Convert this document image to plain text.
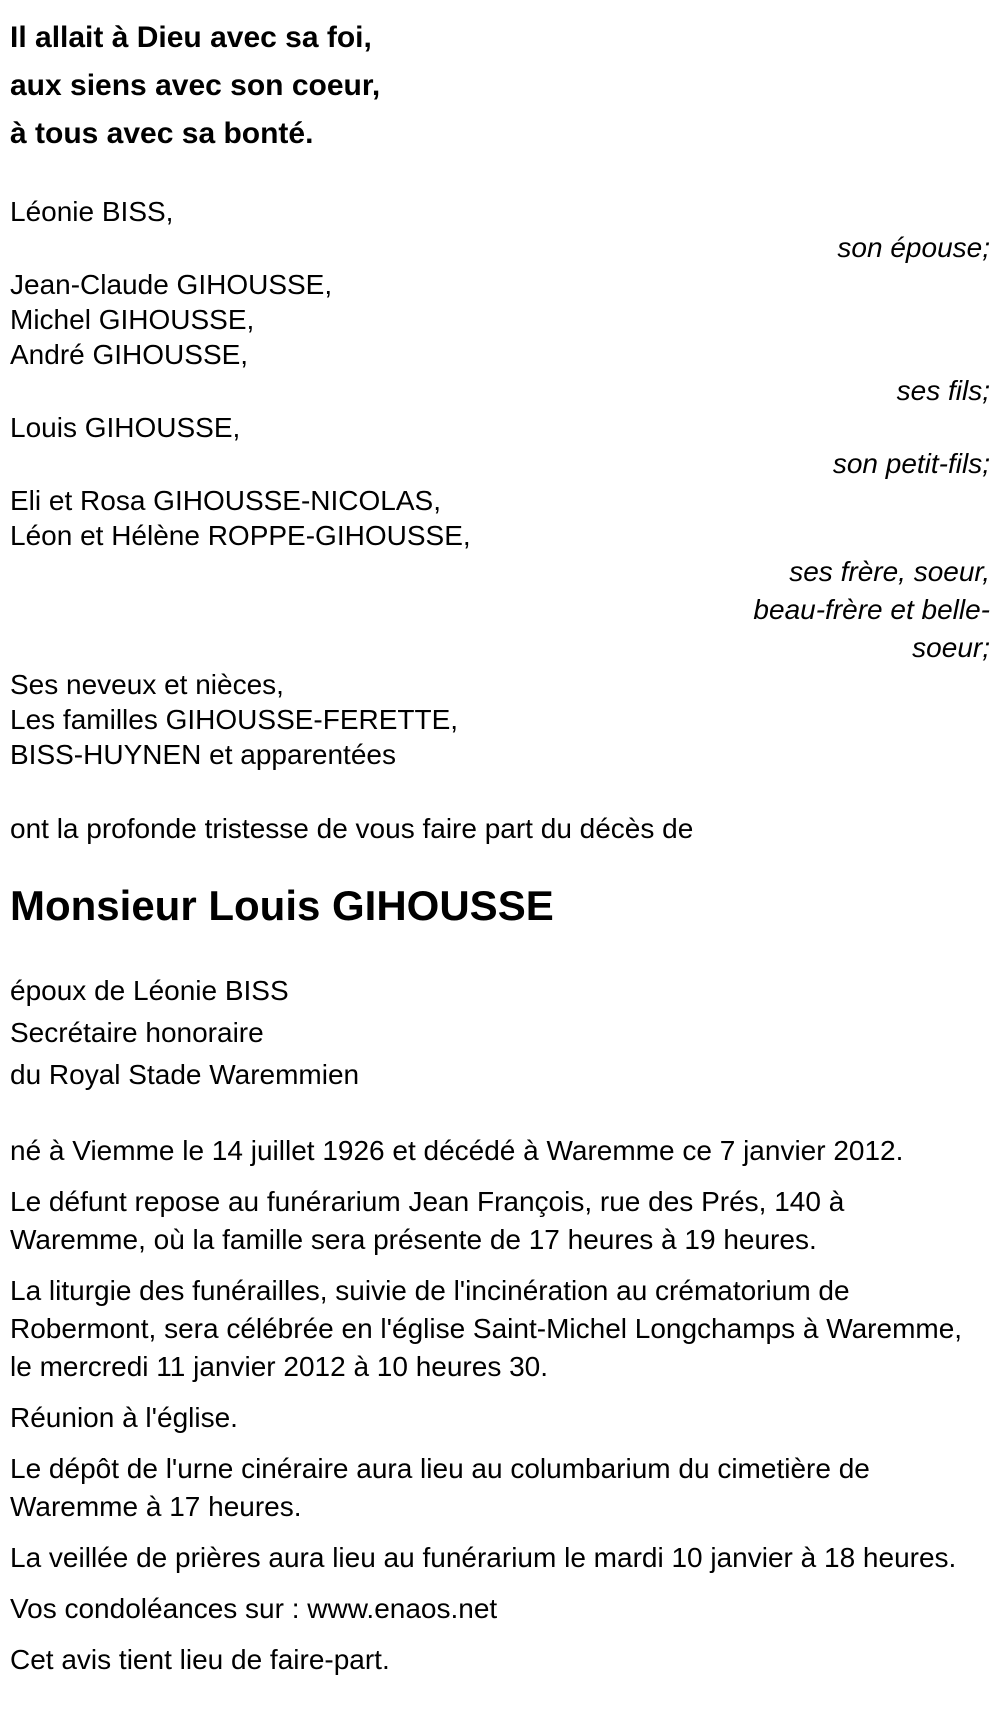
Il allait à Dieu avec sa foi,
aux siens avec son coeur,
à tous avec sa bonté.
Léonie BISS,
son épouse;
Jean-Claude GIHOUSSE,
Michel GIHOUSSE,
André GIHOUSSE,
ses fils;
Louis GIHOUSSE,
son petit-fils;
Eli et Rosa GIHOUSSE-NICOLAS,
Léon et Hélène ROPPE-GIHOUSSE,
ses frère, soeur, beau-frère et belle-soeur;
Ses neveux et nièces,
Les familles GIHOUSSE-FERETTE,
BISS-HUYNEN et apparentées

ont la profonde tristesse de vous faire part du décès de

Monsieur Louis GIHOUSSE
époux de Léonie BISS
Secrétaire honoraire
du Royal Stade Waremmien

né à Viemme le 14 juillet 1926 et décédé à Waremme ce 7 janvier 2012.

Le défunt repose au funérarium Jean François, rue des Prés, 140 à Waremme, où la famille sera présente de 17 heures à 19 heures.

La liturgie des funérailles, suivie de l'incinération au crématorium de Robermont, sera célébrée en l'église Saint-Michel Longchamps à Waremme, le mercredi 11 janvier 2012 à 10 heures 30.

Réunion à l'église.

Le dépôt de l'urne cinéraire aura lieu au columbarium du cimetière de Waremme à 17 heures.

La veillée de prières aura lieu au funérarium le mardi 10 janvier à 18 heures.

Vos condoléances sur : www.enaos.net

Cet avis tient lieu de faire-part.
